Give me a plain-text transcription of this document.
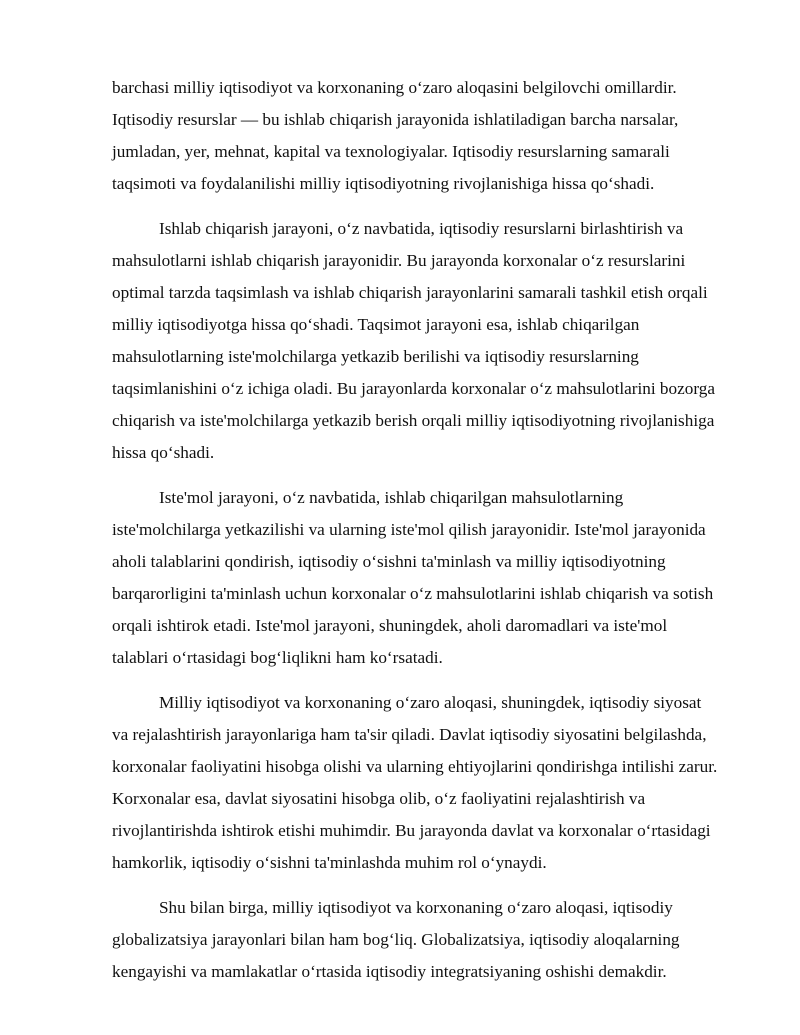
barchasi milliy iqtisodiyot va korxonaning oʻzaro aloqasini belgilovchi omillardir. Iqtisodiy resurslar — bu ishlab chiqarish jarayonida ishlatiladigan barcha narsalar, jumladan, yer, mehnat, kapital va texnologiyalar. Iqtisodiy resurslarning samarali taqsimoti va foydalanilishi milliy iqtisodiyotning rivojlanishiga hissa qoʻshadi.

Ishlab chiqarish jarayoni, oʻz navbatida, iqtisodiy resurslarni birlashtirish va mahsulotlarni ishlab chiqarish jarayonidir. Bu jarayonda korxonalar oʻz resurslarini optimal tarzda taqsimlash va ishlab chiqarish jarayonlarini samarali tashkil etish orqali milliy iqtisodiyotga hissa qoʻshadi. Taqsimot jarayoni esa, ishlab chiqarilgan mahsulotlarning iste'molchilarga yetkazib berilishi va iqtisodiy resurslarning taqsimlanishini oʻz ichiga oladi. Bu jarayonlarda korxonalar oʻz mahsulotlarini bozorga chiqarish va iste'molchilarga yetkazib berish orqali milliy iqtisodiyotning rivojlanishiga hissa qoʻshadi.

Iste'mol jarayoni, oʻz navbatida, ishlab chiqarilgan mahsulotlarning iste'molchilarga yetkazilishi va ularning iste'mol qilish jarayonidir. Iste'mol jarayonida aholi talablarini qondirish, iqtisodiy oʻsishni ta'minlash va milliy iqtisodiyotning barqarorligini ta'minlash uchun korxonalar oʻz mahsulotlarini ishlab chiqarish va sotish orqali ishtirok etadi. Iste'mol jarayoni, shuningdek, aholi daromadlari va iste'mol talablari oʻrtasidagi bogʻliqlikni ham koʻrsatadi.

Milliy iqtisodiyot va korxonaning oʻzaro aloqasi, shuningdek, iqtisodiy siyosat va rejalashtirish jarayonlariga ham ta'sir qiladi. Davlat iqtisodiy siyosatini belgilashda, korxonalar faoliyatini hisobga olishi va ularning ehtiyojlarini qondirishga intilishi zarur. Korxonalar esa, davlat siyosatini hisobga olib, oʻz faoliyatini rejalashtirish va rivojlantirishda ishtirok etishi muhimdir. Bu jarayonda davlat va korxonalar oʻrtasidagi hamkorlik, iqtisodiy oʻsishni ta'minlashda muhim rol oʻynaydi.

Shu bilan birga, milliy iqtisodiyot va korxonaning oʻzaro aloqasi, iqtisodiy globalizatsiya jarayonlari bilan ham bogʻliq. Globalizatsiya, iqtisodiy aloqalarning kengayishi va mamlakatlar oʻrtasida iqtisodiy integratsiyaning oshishi demakdir.
